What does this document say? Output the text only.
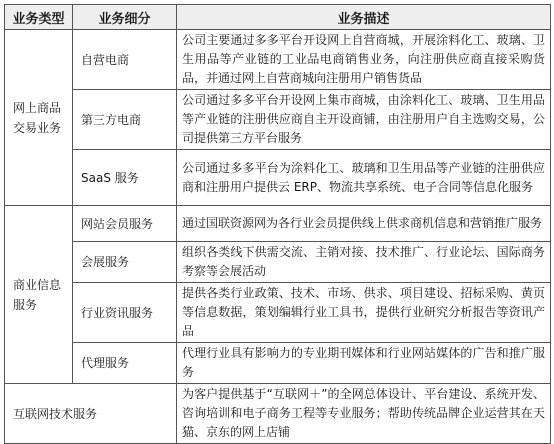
业务类型	业务细分	业务描述
网上商品交易业务	自营电商	公司主要通过多多平台开设网上自营商城，开展涂料化工、玻璃、卫生用品等产业链的工业品电商销售业务，向注册供应商直接采购货品，并通过网上自营商城向注册用户销售货品
	第三方电商	公司通过多多平台开设网上集市商城，由涂料化工、玻璃、卫生用品等产业链的注册供应商自主开设商铺，由注册用户自主选购交易，公司提供第三方平台服务
	SaaS 服务	公司通过多多平台为涂料化工、玻璃和卫生用品等产业链的注册供应商和注册用户提供云 ERP、物流共享系统、电子合同等信息化服务
商业信息服务	网站会员服务	通过国联资源网为各行业会员提供线上供求商机信息和营销推广服务
	会展服务	组织各类线下供需交流、主销对接、技术推广、行业论坛、国际商务考察等会展活动
	行业资讯服务	提供各类行业政策、技术、市场、供求、项目建设、招标采购、黄页等信息数据，策划编辑行业工具书，提供行业研究分析报告等资讯产品
	代理服务	代理行业具有影响力的专业期刊媒体和行业网站媒体的广告和推广服务
互联网技术服务		为客户提供基于“互联网＋”的全网总体设计、平台建设、系统开发、咨询培训和电子商务工程等专业服务；帮助传统品牌企业运营其在天猫、京东的网上店铺
